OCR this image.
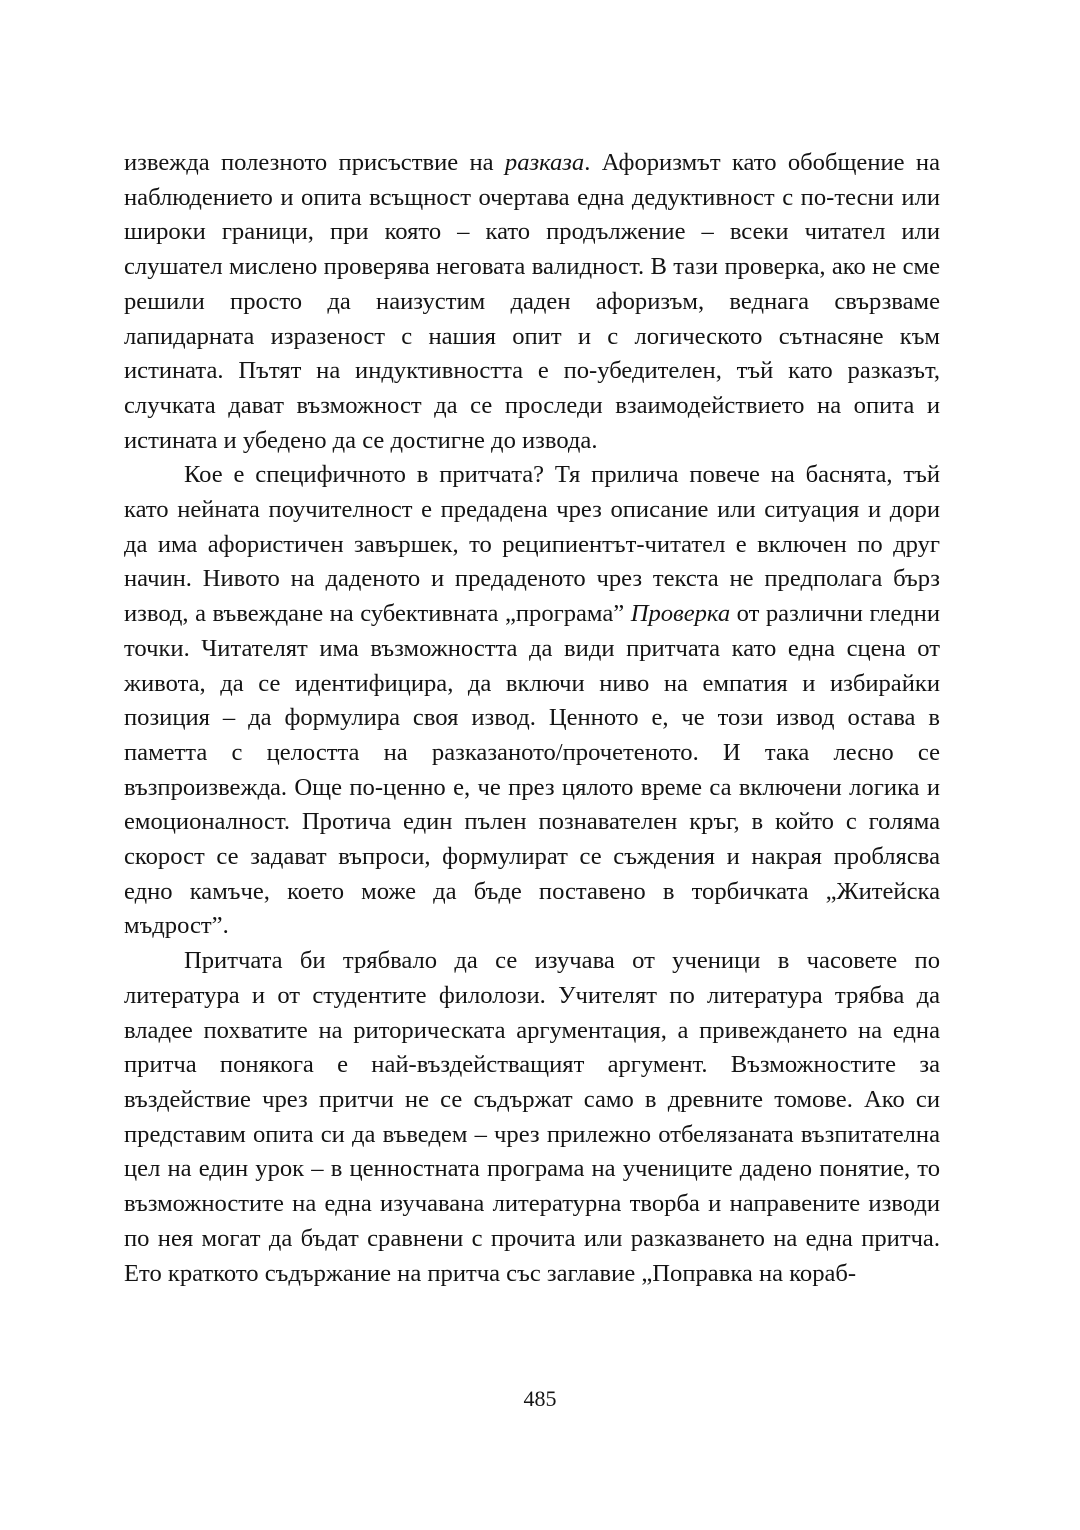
извежда полезното присъствие на разказа. Афоризмът като обобщение на наблюдението и опита всъщност очертава една дедуктивност с по-тесни или широки граници, при която – като продължение – всеки читател или слушател мислено проверява неговата валидност. В тази проверка, ако не сме решили просто да наизустим даден афоризъм, веднага свързваме лапидарната изразеност с нашия опит и с логическото сътнасяне към истината. Пътят на индуктивността е по-убедителен, тъй като разказът, случката дават възможност да се проследи взаимодействието на опита и истината и убедено да се достигне до извода.

Кое е специфичното в притчата? Тя прилича повече на баснята, тъй като нейната поучителност е предадена чрез описание или ситуация и дори да има афористичен завършек, то реципиентът-читател е включен по друг начин. Нивото на даденото и предаденото чрез текста не предполага бърз извод, а въвеждане на субективната „програма” Проверка от различни гледни точки. Читателят има възможността да види притчата като една сцена от живота, да се идентифицира, да включи ниво на емпатия и избирайки позиция – да формулира своя извод. Ценното е, че този извод остава в паметта с целостта на разказаното/прочетеното. И така лесно се възпроизвежда. Още по-ценно е, че през цялото време са включени логика и емоционалност. Протича един пълен познавателен кръг, в който с голяма скорост се задават въпроси, формулират се съждения и накрая проблясва едно камъче, което може да бъде поставено в торбичката „Житейска мъдрост”.

Притчата би трябвало да се изучава от ученици в часовете по литература и от студентите филолози. Учителят по литература трябва да владее похватите на риторическата аргументация, а привеждането на една притча понякога е най-въздействащият аргумент. Възможностите за въздействие чрез притчи не се съдържат само в древните томове. Ако си представим опита си да въведем – чрез прилежно отбелязаната възпитателна цел на един урок – в ценностната програма на учениците дадено понятие, то възможностите на една изучавана литературна творба и направените изводи по нея могат да бъдат сравнени с прочита или разказването на една притча. Ето краткото съдържание на притча със заглавие „Поправка на кораб-

485
